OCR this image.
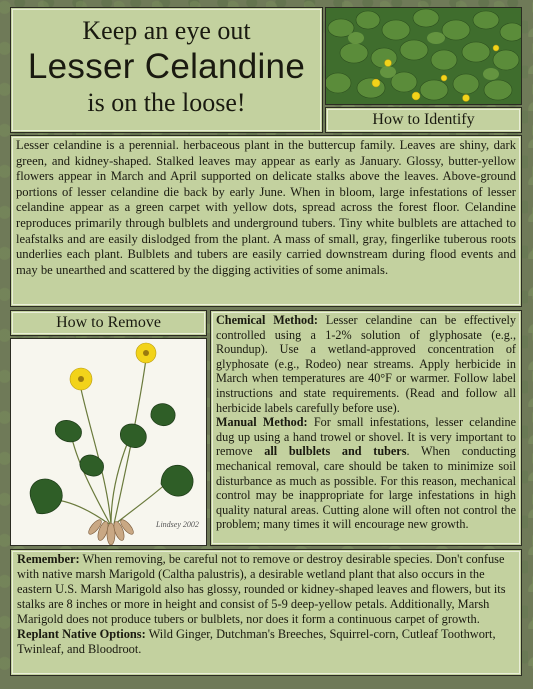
Keep an eye out
Lesser Celandine
is on the loose!
How to Identify

Lesser celandine is a perennial. herbaceous plant in the buttercup family. Leaves are shiny, dark green, and kidney-shaped. Stalked leaves may appear as early as January. Glossy, butter-yellow flowers appear in March and April supported on delicate stalks above the leaves. Above-ground portions of lesser celandine die back by early June. When in bloom, large infestations of lesser celandine appear as a green carpet with yellow dots, spread across the forest floor. Celandine reproduces primarily through bulblets and underground tubers. Tiny white bulblets are attached to leafstalks and are easily dislodged from the plant. A mass of small, gray, fingerlike tuberous roots underlies each plant. Bulblets and tubers are easily carried downstream during flood events and may be unearthed and scattered by the digging activities of some animals.

How to Remove
Lindsey 2002

Chemical Method: Lesser celandine can be effectively controlled using a 1-2% solution of glyphosate (e.g., Roundup). Use a wetland-approved concentration of glyphosate (e.g., Rodeo) near streams. Apply herbicide in March when temperatures are 40°F or warmer. Follow label instructions and state requirements. (Read and follow all herbicide labels carefully before use).

Manual Method: For small infestations, lesser celandine dug up using a hand trowel or shovel. It is very important to remove all bulblets and tubers. When conducting mechanical removal, care should be taken to minimize soil disturbance as much as possible. For this reason, mechanical control may be inappropriate for large infestations in high quality natural areas. Cutting alone will often not control the problem; many times it will encourage new growth.

Remember: When removing, be careful not to remove or destroy desirable species. Don't confuse with native marsh Marigold (Caltha palustris), a desirable wetland plant that also occurs in the eastern U.S. Marsh Marigold also has glossy, rounded or kidney-shaped leaves and flowers, but its stalks are 8 inches or more in height and consist of 5-9 deep-yellow petals. Additionally, Marsh Marigold does not produce tubers or bulblets, nor does it form a continuous carpet of growth.

Replant Native Options: Wild Ginger, Dutchman's Breeches, Squirrel-corn, Cutleaf Toothwort, Twinleaf, and Bloodroot.
